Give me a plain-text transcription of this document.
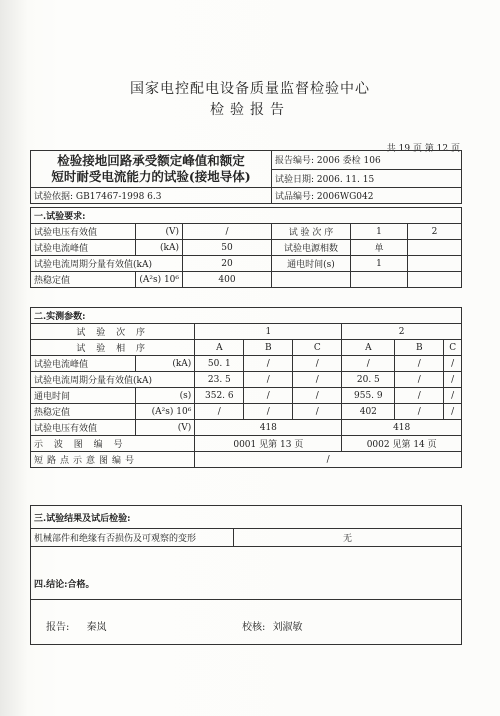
国家电控配电设备质量监督检验中心
检验报告
共 19 页 第 12 页
检验接地回路承受额定峰值和额定
短时耐受电流能力的试验(接地导体)	报告编号: 2006 委检 106
	试验日期: 2006. 11. 15
试验依据: GB17467-1998 6.3	试品编号: 2006WG042
一.试验要求:					
试验电压有效值	(V)	/	试 验 次 序	1	2
试验电流峰值	(kA)	50	试验电源相数	单	
试验电流周期分量有效值(kA)		20	通电时间(s)	1	
热稳定值	(A²s) 10⁶	400			
二.实测参数:							
试 验 次 序		1			2		
试 验 相 序		A	B	C	A	B	C
试验电流峰值	(kA)	50. 1	/	/	/	/	/
试验电流周期分量有效值(kA)		23. 5	/	/	20. 5	/	/
通电时间	(s)	352. 6	/	/	955. 9	/	/
热稳定值	(A²s) 10⁶	/	/	/	402	/	/
试验电压有效值	(V)	418			418		
示 波 图 编 号		0001 见第 13 页			0002 见第 14 页		
短路点示意图编号		/					
三.试验结果及试后检验:
机械部件和绝缘有否损伤及可观察的变形	无

四.结论:合格。

报告: 秦岚	校核: 刘淑敏
